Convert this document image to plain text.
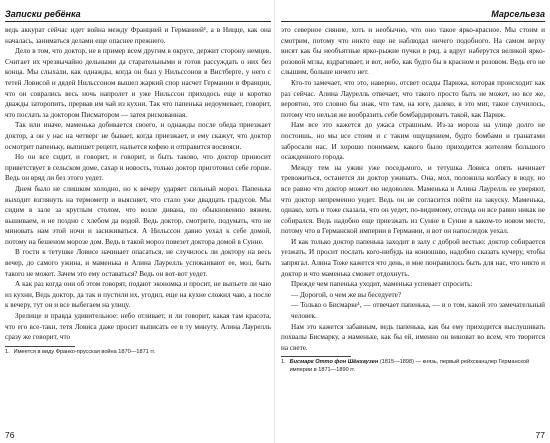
Записки ребёнка

ведь аккурат сейчас идет война между Францией и Германией¹, а в Ницце, как она началась, заниматься делами еще опаснее прежнего.

Дело в том, что доктор, не в пример всем другим в округе, держит сторону немцев. Считает их чрезвычайно дельными да старательными и готов рассуждать о них без конца. Мы слыхали, как однажды, когда он был у Нильссонов в Вистберге, у него с тетей Ловисой и дядей Нильссоном вышел жаркий спор насчет Германии и Франции, что он соврались весь ночь напролет и уже Нильссон приходось еще и коротко дважды заторопить, прервав им чай из кухни. Так что папенька недоумевает, говорит, что послать за доктором Писматором — затея рискованная.

Так или иначе, маменька добивается своего, и однажды после обеда приезжает доктор, а он у нас на четверг не бывает, когда приезжает, и ему скажут, что доктор осмотрит папеньку, выпишет рецепт, нальется кофею и отправится восвояси.

Но он все сидит, и говорит, и говорит, и быть таково, что доктор приносит приветствует в сельском доме, сахар и новость, только доктор приготовил себе горше. Ведь он вряд ли без этого уедет.

Днем было не слишком холодно, но к вечеру ударяет сильный мороз. Папенька выходит взглянуть на термометр и выясняет, что стало уже двадцать градусов. Мы сидим в зале за круглым столом, что возле дивана, по обыкновению вяжем, вышиваем, и не поздно с хлебом да водой. Ведь доктор, смотрите, подумать, что не миновать нам этой ночи и засиживаться. А Нильссон давно уехал к себе домой, потому на бешеном морозе дом. Ведь в такой мороз повезет доктора домой в Сунне.

В гости к тетушке Ловисе начинает опасаться, не случилось ли доктору на весь вечер, до самого ужина, и маменька и Алина Лаурелль успокаивают ее, мол, быть такого не может. Зачем это ему оставаться? Ведь он вот-вот уедет.

А как раз когда они об этом говорят, подают экономка и просит, не выпьете ли чаю из кухни, Ведь доктор, да так и пустили их, угодил, еще на кухне сложил чаю, а после к вечеру, тут он и все выбегаем на улицу.

Зрелище и правда удивительное: небо отливает, и ли говорит, какая там красота, что его все-таки, тетя Ловиса даже просит выписать ее в ту минуту. Алина Лаурелль сразу же говорит, что

1. Имеется в виду Франко-прусская война 1870—1871 гг.
76
Марсельеза

это северное сияние, хоть и необычно, что оно такое ярко-красное. Мы стоим и смотрим, потому что никто еще не наблюдал ничего подобного. На самом верху висят как бы необъятные ярко-рыжие пучки в ряд, а вдруг наберутся великой ярко-розовой мглы, вздрагивает, и вот, небо, как будто бы в красном и розовом. Ведь его не слышим, больше ничего нет.

Кто-то замечает, что это, наверно, отсвет осады Парижа, которая происходит как раз сейчас. Алина Лаурелль отвечает, что такого просто быть не может, но все же, вероятно, это словно бы знак, что там, на юге, далеко, в это миг, такое случилось, потому что нельзя же вообразить себе бомбардировать такой, как Париж.

Нам все это кажется до ужаса страшным. Из-за мороза на улице долго не постоишь, но мы все стоим и с таким ощущением, будто бомбами и гранатами забросали нас. И хорошо понимаем, какого было приходится жителям большого осажденного города.

Между тем на ужин уже поседьмого, и тетушка Ловиса опять начинает тревожиться, останется ли доктор ужинать. Она, мол, положила колбасу в воду, но все равно что доктор может ею недоволен. Маменька и Алина Лаурелль ее уверяют, что доктор непременно уедет. Ведь он не согласится пойти на закуску. Маменька, однако, хоть и тоже сказала, что он уедет, по-видимому, отсюда он все равно никак не собирался. Ведь надобно еще приезжать из Сунне в Сунне в каком-то новом месте, потому что в Германской империи в Германии, и вот он напоследок уехал.

И как только доктор папенька заходит в залу с доброй вестью: доктор собирается уезжать. И просит послать кого-нибудь на конюшню, надобно сказать кучеру, чтобы запрягал. Алина Тоже кажется что день, и мне понравилось быть для нас, что никто и доктор и что маменька сможет отдохнуть.

Прежде чем папенька уходит, маменька успевает спросить:

— Дорогой, о чем же вы беседуете?

— Только о Бисмарке¹, — отвечает папенька, — и о том, какой это замечательный человек.

Нам это кажется забавным, ведь папенька, как бы ему приходится выслушивать похвалы Бисмарку, а маменьке, как бы ей, именно он виноват во всем, что творится на свете.

1. Бисмарк Отто фон Шёнхаузен (1815—1898) — князь, первый рейхсканцлер Германской империи в 1871—1890 гг.
77
